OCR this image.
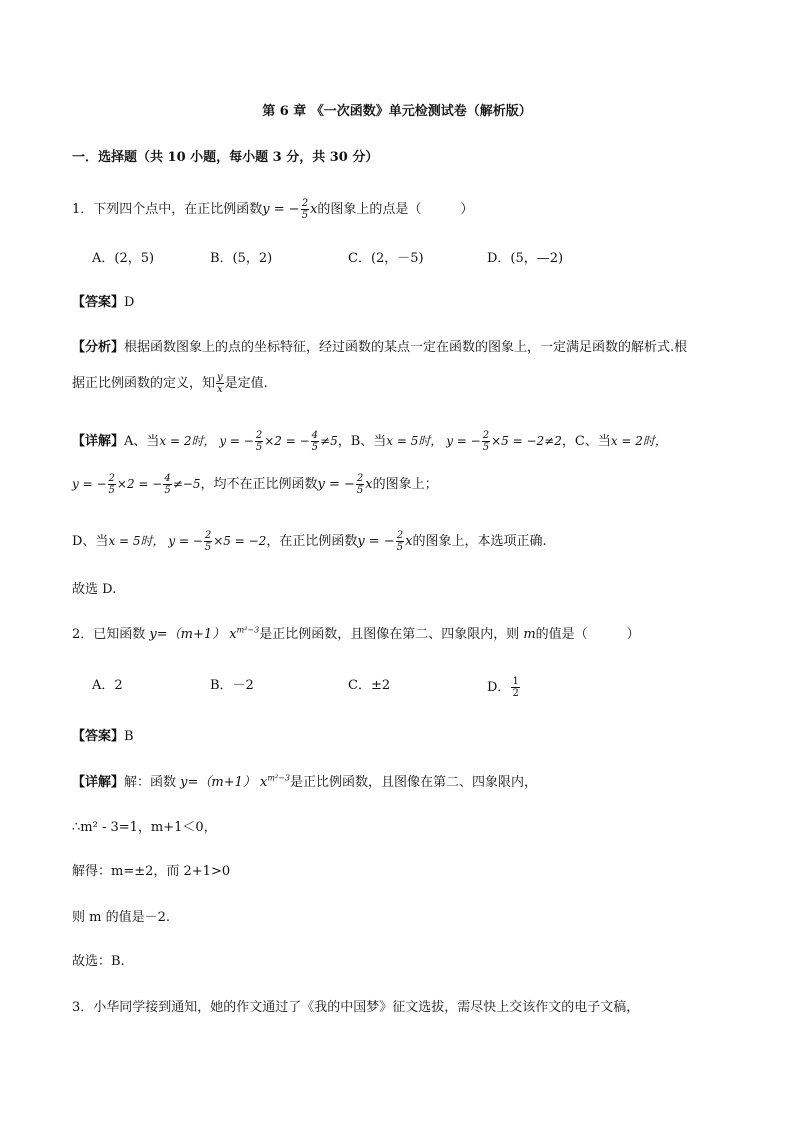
第 6 章 《一次函数》单元检测试卷（解析版）
一．选择题（共 10 小题，每小题 3 分，共 30 分）
1．下列四个点中，在正比例函数y = − $\frac{2}{5}$ x的图象上的点是（　　　）
A．(2，5)	B．(5，2)	C．(2，－5)	D．(5，—2)
【答案】D
【分析】根据函数图象上的点的坐标特征，经过函数的某点一定在函数的图象上，一定满足函数的解析式.根
据正比例函数的定义，知 $\frac{y}{x}$ 是定值.
【详解】A、当x = 2时， y = − $\frac{2}{5} \times 2$ = − $\frac{4}{5} \ne 5$，B、当x = 5时， y = − $\frac{2}{5} \times 5 = -2\ne 2$，C、当x = 2时，
y = − $\frac{2}{5} \times 2$ = − $\frac{4}{5} \ne-5$，均不在正比例函数y = − $\frac{2}{5}$ x的图象上；
D、当x = 5时， y = − $\frac{2}{5} \times 5 = -2$，在正比例函数y = − $\frac{2}{5}$ x的图象上，本选项正确.
故选 D.
2．已知函数 y=（m+1） $x^{m^2-3}$是正比例函数，且图像在第二、四象限内，则 m的值是（　　　）
A．2	B．－2	C．±2	D． $\frac{1}{2}$
【答案】B
【详解】解：函数 y=（m+1） $x^{m^2-3}$是正比例函数，且图像在第二、四象限内，
∴m² - 3=1，m+1＜0，
解得：m=±2，而 2+1>0
则 m 的值是－2.
故选：B.
3．小华同学接到通知，她的作文通过了《我的中国梦》征文选拔，需尽快上交该作文的电子文稿，
